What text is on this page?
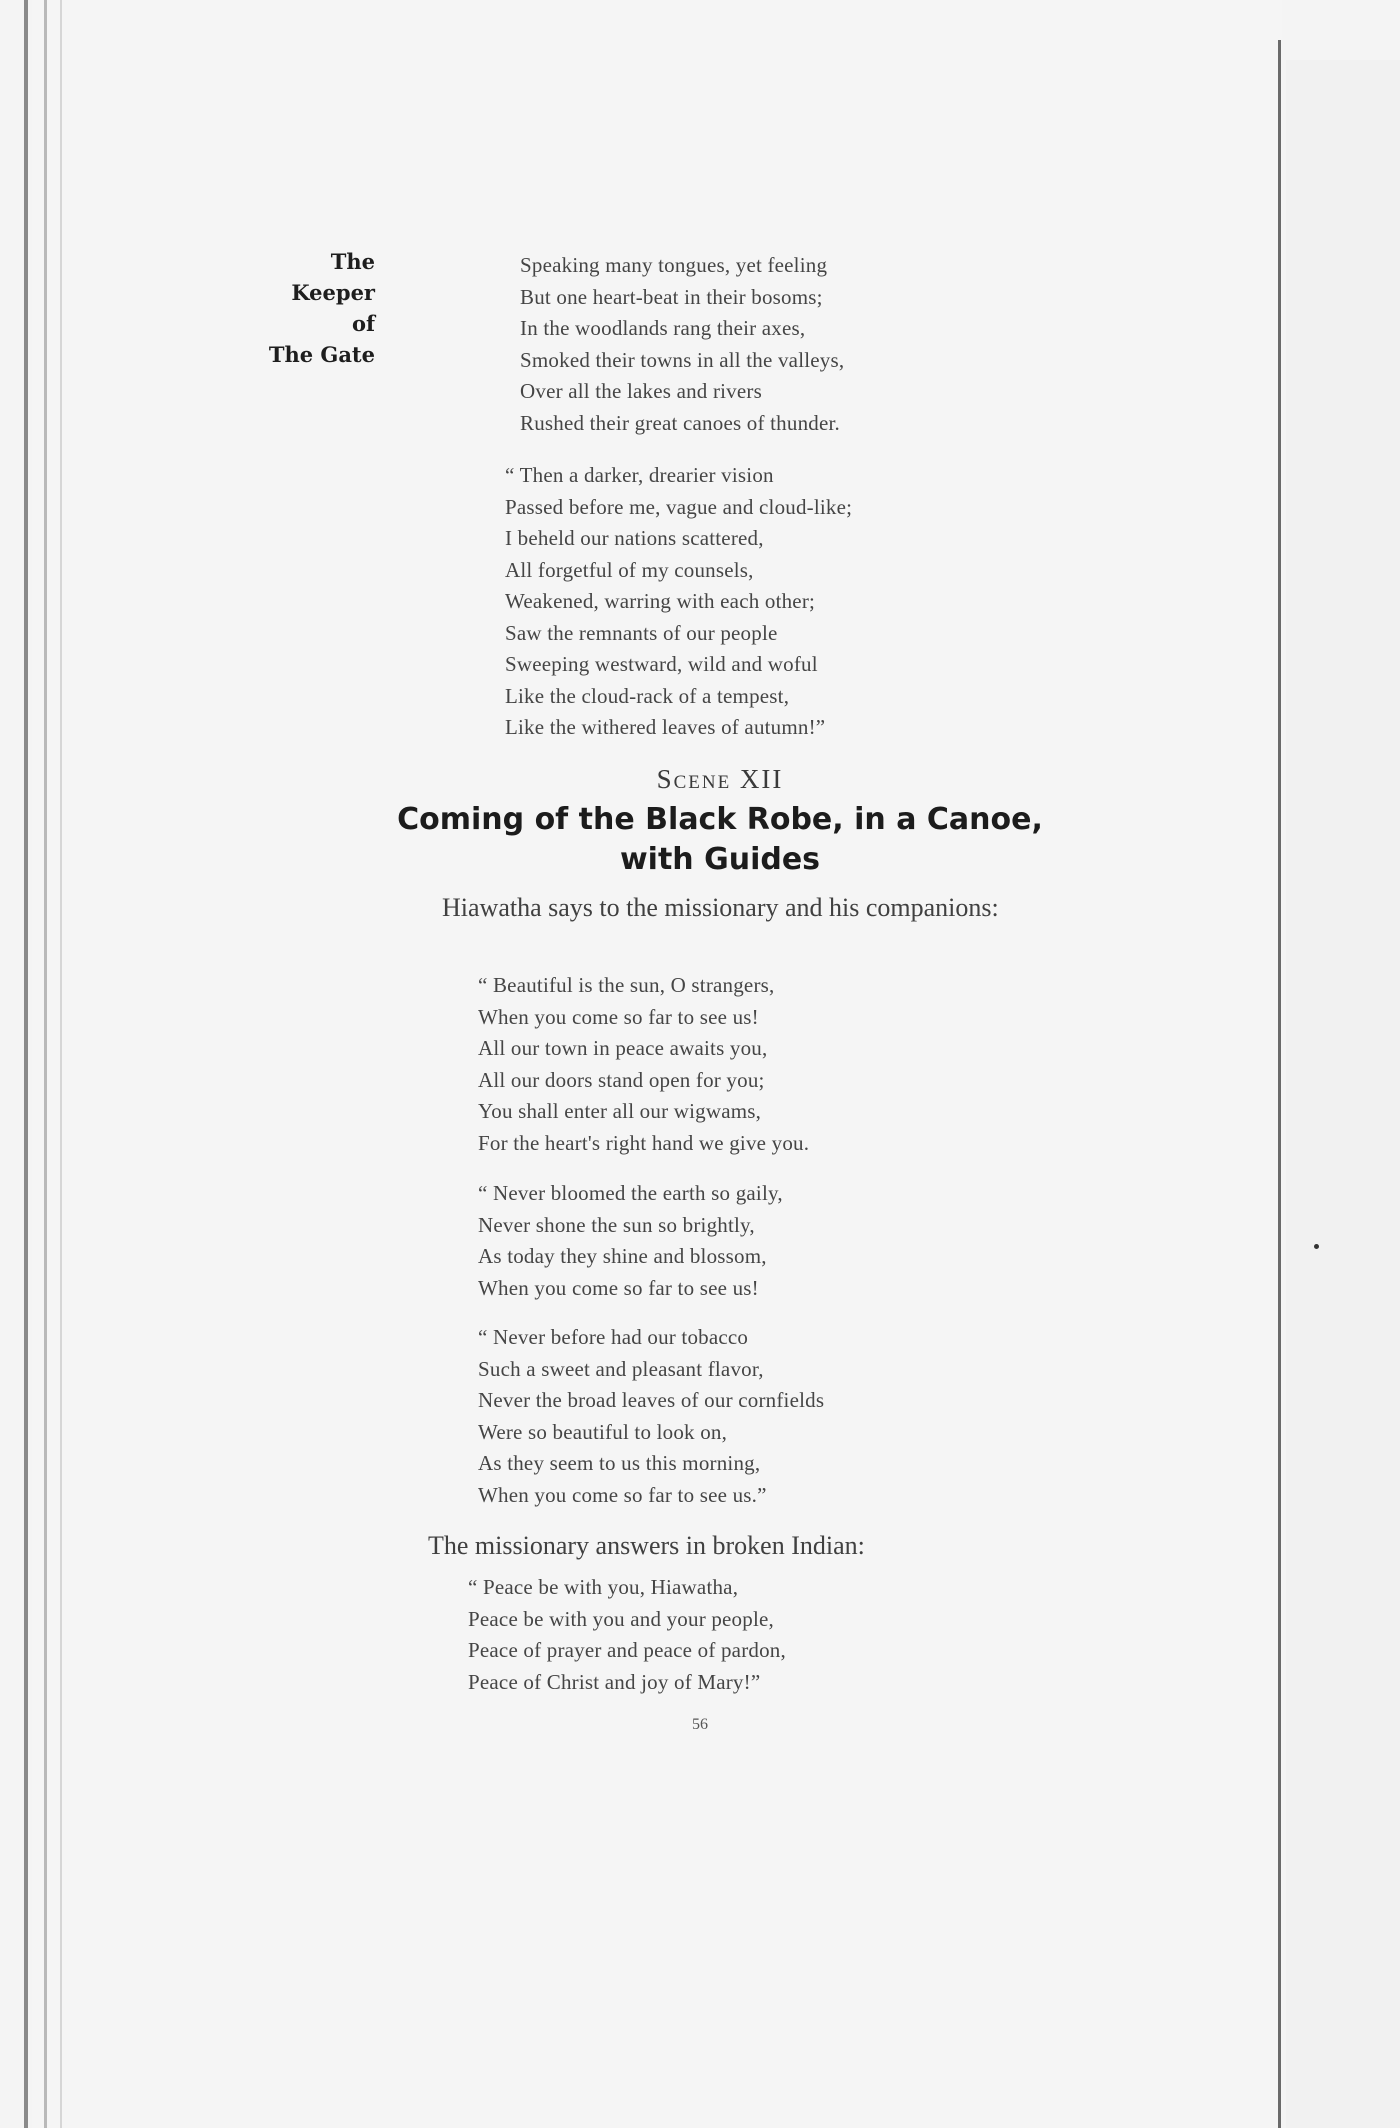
The
Keeper
of
The Gate
Speaking many tongues, yet feeling
But one heart-beat in their bosoms;
In the woodlands rang their axes,
Smoked their towns in all the valleys,
Over all the lakes and rivers
Rushed their great canoes of thunder.
“ Then a darker, drearier vision
Passed before me, vague and cloud-like;
I beheld our nations scattered,
All forgetful of my counsels,
Weakened, warring with each other;
Saw the remnants of our people
Sweeping westward, wild and woful
Like the cloud-rack of a tempest,
Like the withered leaves of autumn!”
Scene XII
Coming of the Black Robe, in a Canoe, with Guides
Hiawatha says to the missionary and his companions:
“ Beautiful is the sun, O strangers,
When you come so far to see us!
All our town in peace awaits you,
All our doors stand open for you;
You shall enter all our wigwams,
For the heart's right hand we give you.
“ Never bloomed the earth so gaily,
Never shone the sun so brightly,
As today they shine and blossom,
When you come so far to see us!
“ Never before had our tobacco
Such a sweet and pleasant flavor,
Never the broad leaves of our cornfields
Were so beautiful to look on,
As they seem to us this morning,
When you come so far to see us.”
The missionary answers in broken Indian:
“ Peace be with you, Hiawatha,
Peace be with you and your people,
Peace of prayer and peace of pardon,
Peace of Christ and joy of Mary!”
56
